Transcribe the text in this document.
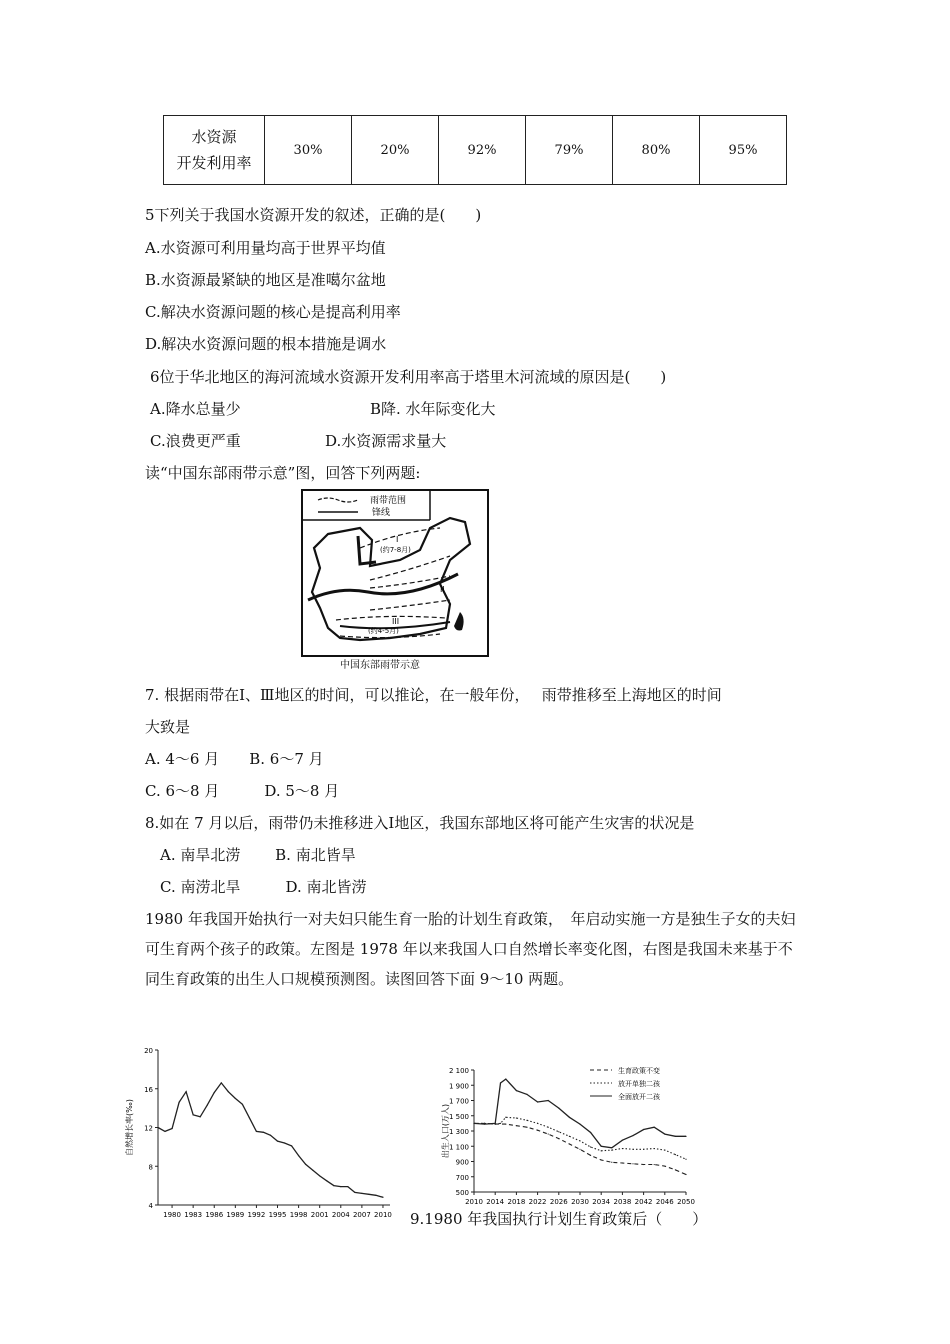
水资源
开发利用率
	30%	20%	92%	79%	80%	95%
5下列关于我国水资源开发的叙述，正确的是(　　)
A.水资源可利用量均高于世界平均值
B.水资源最紧缺的地区是准噶尔盆地
C.解决水资源问题的核心是提高利用率
D.解决水资源问题的根本措施是调水
6位于华北地区的海河流域水资源开发利用率高于塔里木河流域的原因是(　　)
A.降水总量少	B降. 水年际变化大
C.浪费更严重	D.水资源需求量大
读“中国东部雨带示意”图，回答下列两题:
雨带范围
锋线
I
(约7-8月)
II
III
(约4-5月)
中国东部雨带示意
7. 根据雨带在Ⅰ、Ⅲ地区的时间，可以推论，在一般年份，　 雨带推移至上海地区的时间
大致是
A. 4～6 月　　B. 6～7 月
C. 6～8 月　　　D. 5～8 月
8.如在 7 月以后，雨带仍未推移进入Ⅰ地区，我国东部地区将可能产生灾害的状况是
A. 南旱北涝　　 B. 南北皆旱
C. 南涝北旱　　　D. 南北皆涝
1980 年我国开始执行一对夫妇只能生育一胎的计划生育政策，　年启动实施一方是独生子女的夫妇可生育两个孩子的政策。左图是 1978 年以来我国人口自然增长率变化图，右图是我国未来基于不同生育政策的出生人口规模预测图。读图回答下面 9～10 两题。
4
8
12
16
20
1980 1983 1986 1989 1992 1995 1998 2001 2004 2007 2010
自然增长率(‰)
500
700
900
1 100
1 300
1 500
1 700
1 900
2 100
2010 2014 2018 2022 2026 2030 2034 2038 2042 2046 2050
出生人口(万人)
生育政策不变
放开单独二孩
全面放开二孩
9.1980 年我国执行计划生育政策后（　　）
